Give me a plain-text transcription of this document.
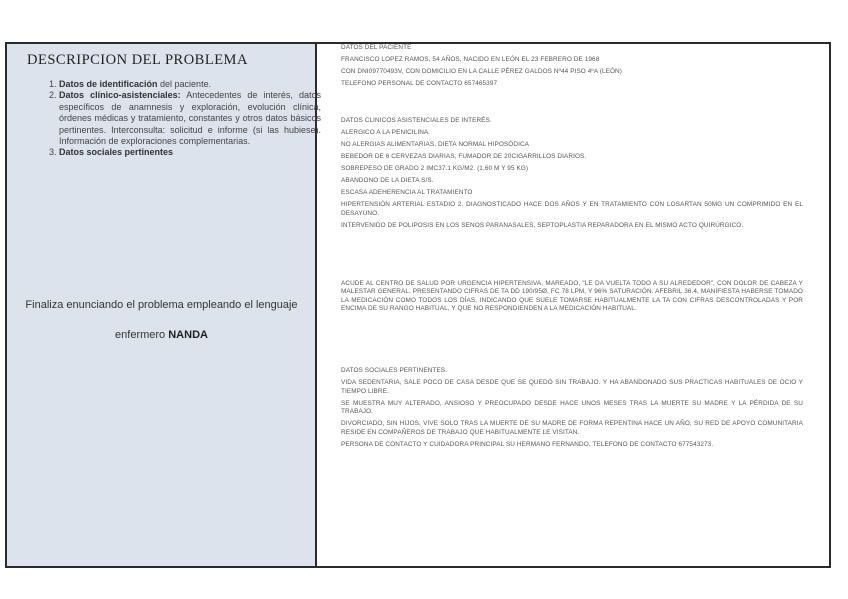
DESCRIPCION DEL PROBLEMA
1. Datos de identificación del paciente.
2. Datos clínico-asistenciales: Antecedentes de interés, datos específicos de anamnesis y exploración, evolución clínica, órdenes médicas y tratamiento, constantes y otros datos básicos pertinentes. Interconsulta: solicitud e informe (si las hubiese). Información de exploraciones complementarias.
3. Datos sociales pertinentes

Finaliza enunciando el problema empleando el lenguaje enfermero NANDA

DATOS DEL PACIENTE

FRANCISCO LOPEZ RAMOS, 54 AÑOS, NACIDO EN LEÓN EL 23 FEBRERO DE 1968

CON DNI09770493V, CON DOMICILIO EN LA CALLE PÉREZ GALDOS Nº44 PISO 4ºA (LEÓN)

TELEFONO PERSONAL DE CONTACTO 657465397

DATOS CLINICOS ASISTENCIALES DE INTERÉS.

ALERGICO A LA PENICILINA.

NO ALERGIAS ALIMENTARIAS, DIETA NORMAL HIPOSÓDICA

BEBEDOR DE 6 CERVEZAS DIARIAS, FUMADOR DE 20CIGARRILLOS DIARIOS.

SOBREPESO DE GRADO 2 IMC37.1 KG/M2. (1,60 M Y 95 KG)

ABANDONO DE LA DIETA S/S.

ESCASA ADEHERENCIA AL TRATAMIENTO

HIPERTENSIÓN ARTERIAL ESTADIO 2, DIAGNOSTICADO HACE DOS AÑOS Y EN TRATAMIENTO CON LOSARTAN 50MG UN COMPRIMIDO EN EL DESAYUNO.

INTERVENIDO DE POLIPOSIS EN LOS SENOS PARANASALES, SEPTOPLASTIA REPARADORA EN EL MISMO ACTO QUIRÚRGICO.

ACUDE AL CENTRO DE SALUD POR URGENCIA HIPERTENSIVA, MAREADO, “LE DA VUELTA TODO A SU ALREDEDOR”, CON DOLOR DE CABEZA Y MALESTAR GENERAL. PRESENTANDO CIFRAS DE TA DD 190/95Ø, FC 78 LPM, Y 96% SATURACIÓN. AFEBRIL 36.4, MANIFIESTA HABERSE TOMADO LA MEDICACIÓN COMO TODOS LOS DÍAS, INDICANDO QUE SUELE TOMARSE HABITUALMENTE LA TA CON CIFRAS DESCONTROLADAS Y POR ENCIMA DE SU RANGO HABITUAL, Y QUE NO RESPONDIENDEN A LA MEDICACIÓN HABITUAL.

DATOS SOCIALES PERTINENTES.

VIDA SEDENTARIA, SALE POCO DE CASA DESDE QUE SE QUEDÓ SIN TRABAJO. Y HA ABANDONADO SUS PRACTICAS HABITUALES DE OCIO Y TIEMPO LIBRE.

SE MUESTRA MUY ALTERADO, ANSIOSO Y PREOCUPADO DESDE HACE UNOS MESES TRAS LA MUERTE SU MADRE Y LA PÉRDIDA DE SU TRABAJO.

DIVORCIADO, SIN HIJOS, VIVE SOLO TRAS LA MUERTE DE SU MADRE DE FORMA REPENTINA HACE UN AÑO, SU RED DE APOYO COMUNITARIA RESIDE EN COMPAÑEROS DE TRABAJO QUE HABITUALMENTE LE VISITAN.

PERSONA DE CONTACTO Y CUIDADORA PRINCIPAL SU HERMANO FERNANDO, TELEFONO DE CONTACTO 677543273.
